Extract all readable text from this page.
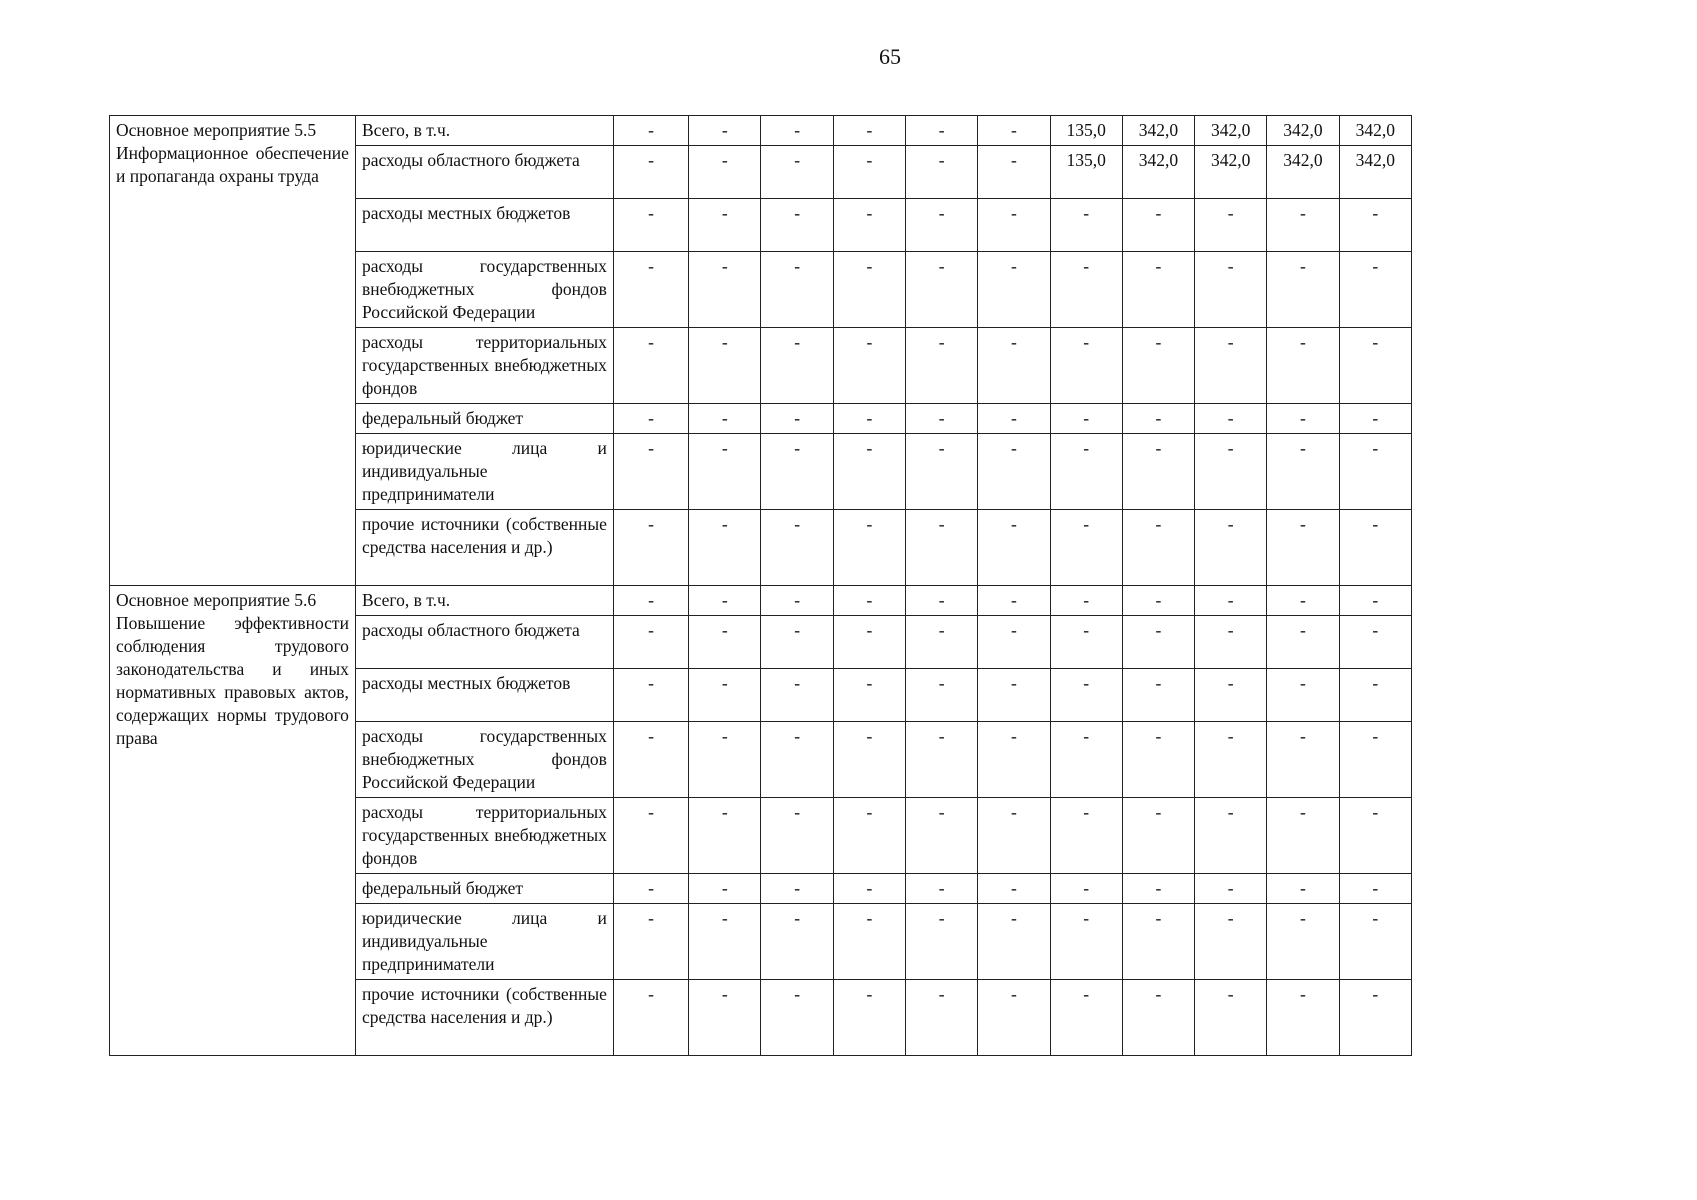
65
Основное мероприятие 5.5
Информационное обеспечение и пропаганда охраны труда	Всего, в т.ч.	-	-	-	-	-	-	135,0	342,0	342,0	342,0	342,0
	расходы областного бюджета	-	-	-	-	-	-	135,0	342,0	342,0	342,0	342,0
	расходы местных бюджетов	-	-	-	-	-	-	-	-	-	-	-
	расходы государственных внебюджетных фондов Российской Федерации	-	-	-	-	-	-	-	-	-	-	-
	расходы территориальных государственных внебюджетных фондов	-	-	-	-	-	-	-	-	-	-	-
	федеральный бюджет	-	-	-	-	-	-	-	-	-	-	-
	юридические лица и индивидуальные предприниматели	-	-	-	-	-	-	-	-	-	-	-
	прочие источники (собственные средства населения и др.)	-	-	-	-	-	-	-	-	-	-	-

Основное мероприятие 5.6
Повышение эффективности соблюдения трудового законодательства и иных нормативных правовых актов, содержащих нормы трудового права	Всего, в т.ч.	-	-	-	-	-	-	-	-	-	-	-
	расходы областного бюджета	-	-	-	-	-	-	-	-	-	-	-
	расходы местных бюджетов	-	-	-	-	-	-	-	-	-	-	-
	расходы государственных внебюджетных фондов Российской Федерации	-	-	-	-	-	-	-	-	-	-	-
	расходы территориальных государственных внебюджетных фондов	-	-	-	-	-	-	-	-	-	-	-
	федеральный бюджет	-	-	-	-	-	-	-	-	-	-	-
	юридические лица и индивидуальные предприниматели	-	-	-	-	-	-	-	-	-	-	-
	прочие источники (собственные средства населения и др.)	-	-	-	-	-	-	-	-	-	-	-
